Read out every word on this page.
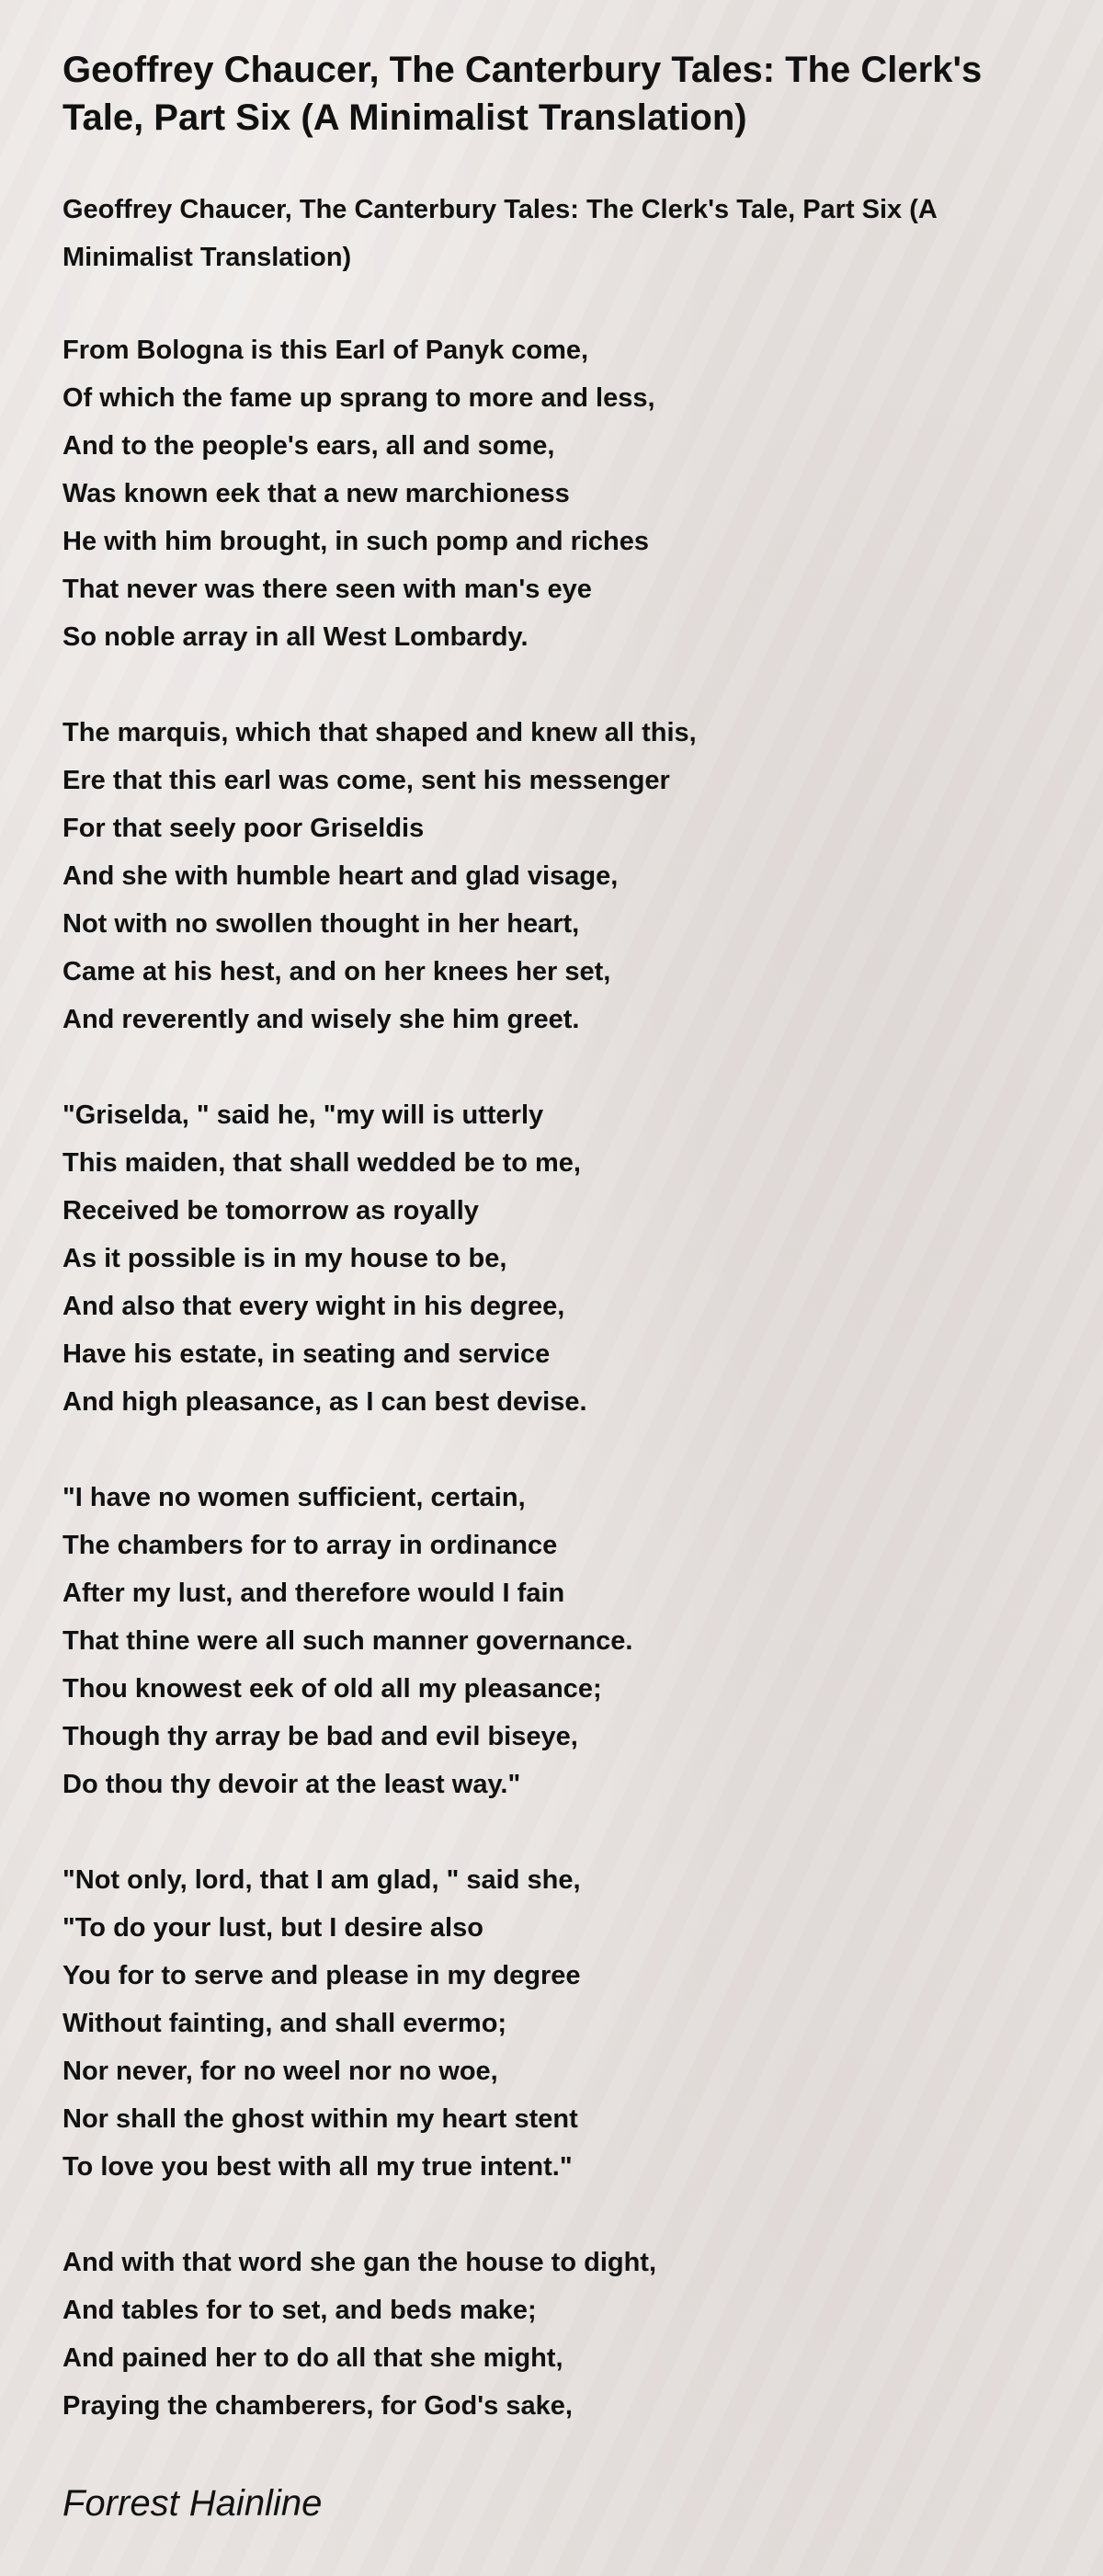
Geoffrey Chaucer, The Canterbury Tales: The Clerk's Tale, Part Six (A Minimalist Translation)
Geoffrey Chaucer, The Canterbury Tales: The Clerk's Tale, Part Six (A Minimalist Translation)
From Bologna is this Earl of Panyk come,
Of which the fame up sprang to more and less,
And to the people's ears, all and some,
Was known eek that a new marchioness
He with him brought, in such pomp and riches
That never was there seen with man's eye
So noble array in all West Lombardy.
The marquis, which that shaped and knew all this,
Ere that this earl was come, sent his messenger
For that seely poor Griseldis
And she with humble heart and glad visage,
Not with no swollen thought in her heart,
Came at his hest, and on her knees her set,
And reverently and wisely she him greet.
"Griselda, " said he, "my will is utterly
This maiden, that shall wedded be to me,
Received be tomorrow as royally
As it possible is in my house to be,
And also that every wight in his degree,
Have his estate, in seating and service
And high pleasance, as I can best devise.
"I have no women sufficient, certain,
The chambers for to array in ordinance
After my lust, and therefore would I fain
That thine were all such manner governance.
Thou knowest eek of old all my pleasance;
Though thy array be bad and evil biseye,
Do thou thy devoir at the least way."
"Not only, lord, that I am glad, " said she,
"To do your lust, but I desire also
You for to serve and please in my degree
Without fainting, and shall evermo;
Nor never, for no weel nor no woe,
Nor shall the ghost within my heart stent
To love you best with all my true intent."
And with that word she gan the house to dight,
And tables for to set, and beds make;
And pained her to do all that she might,
Praying the chamberers, for God's sake,
Forrest Hainline
